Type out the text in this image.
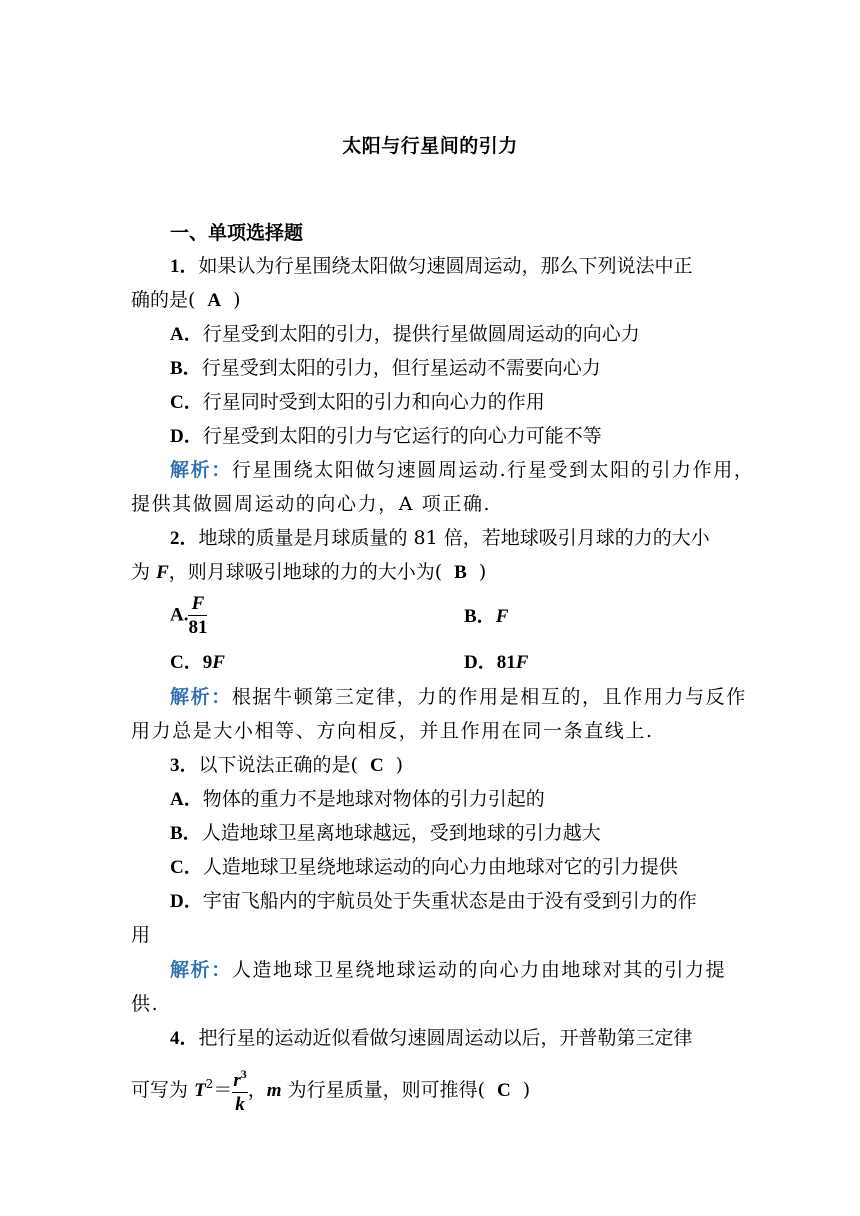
太阳与行星间的引力
一、单项选择题
1．如果认为行星围绕太阳做匀速圆周运动，那么下列说法中正
确的是( A )
A．行星受到太阳的引力，提供行星做圆周运动的向心力
B．行星受到太阳的引力，但行星运动不需要向心力
C．行星同时受到太阳的引力和向心力的作用
D．行星受到太阳的引力与它运行的向心力可能不等
解析：行星围绕太阳做匀速圆周运动.行星受到太阳的引力作用，
提供其做圆周运动的向心力，A 项正确.
2．地球的质量是月球质量的 81 倍，若地球吸引月球的力的大小
为 F，则月球吸引地球的力的大小为( B )
A. $\frac{F}{81}$	B．F
C．9F	D．81F
解析：根据牛顿第三定律，力的作用是相互的，且作用力与反作
用力总是大小相等、方向相反，并且作用在同一条直线上.
3．以下说法正确的是( C )
A．物体的重力不是地球对物体的引力引起的
B．人造地球卫星离地球越远，受到地球的引力越大
C．人造地球卫星绕地球运动的向心力由地球对它的引力提供
D．宇宙飞船内的宇航员处于失重状态是由于没有受到引力的作
用
解析：人造地球卫星绕地球运动的向心力由地球对其的引力提
供.
4．把行星的运动近似看做匀速圆周运动以后，开普勒第三定律
可写为 $T^2= \frac{r^3}{k}$ ，m 为行星质量，则可推得( C )
